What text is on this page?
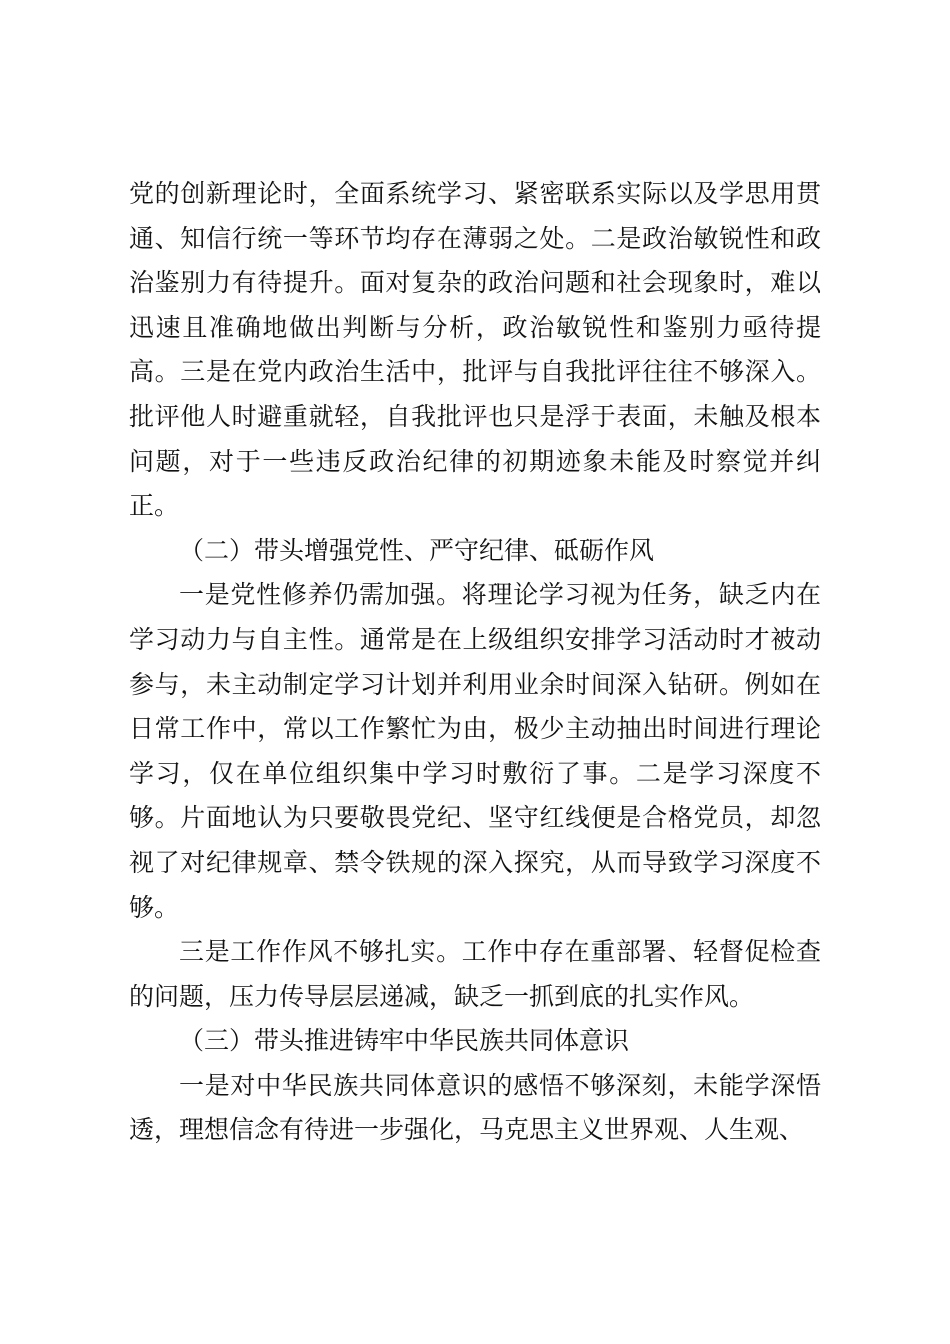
党的创新理论时，全面系统学习、紧密联系实际以及学思用贯通、知信行统一等环节均存在薄弱之处。二是政治敏锐性和政治鉴别力有待提升。面对复杂的政治问题和社会现象时，难以迅速且准确地做出判断与分析，政治敏锐性和鉴别力亟待提高。三是在党内政治生活中，批评与自我批评往往不够深入。批评他人时避重就轻，自我批评也只是浮于表面，未触及根本问题，对于一些违反政治纪律的初期迹象未能及时察觉并纠正。

（二）带头增强党性、严守纪律、砥砺作风

一是党性修养仍需加强。将理论学习视为任务，缺乏内在学习动力与自主性。通常是在上级组织安排学习活动时才被动参与，未主动制定学习计划并利用业余时间深入钻研。例如在日常工作中，常以工作繁忙为由，极少主动抽出时间进行理论学习，仅在单位组织集中学习时敷衍了事。二是学习深度不够。片面地认为只要敬畏党纪、坚守红线便是合格党员，却忽视了对纪律规章、禁令铁规的深入探究，从而导致学习深度不够。

三是工作作风不够扎实。工作中存在重部署、轻督促检查的问题，压力传导层层递减，缺乏一抓到底的扎实作风。

（三）带头推进铸牢中华民族共同体意识

一是对中华民族共同体意识的感悟不够深刻，未能学深悟透，理想信念有待进一步强化，马克思主义世界观、人生观、
